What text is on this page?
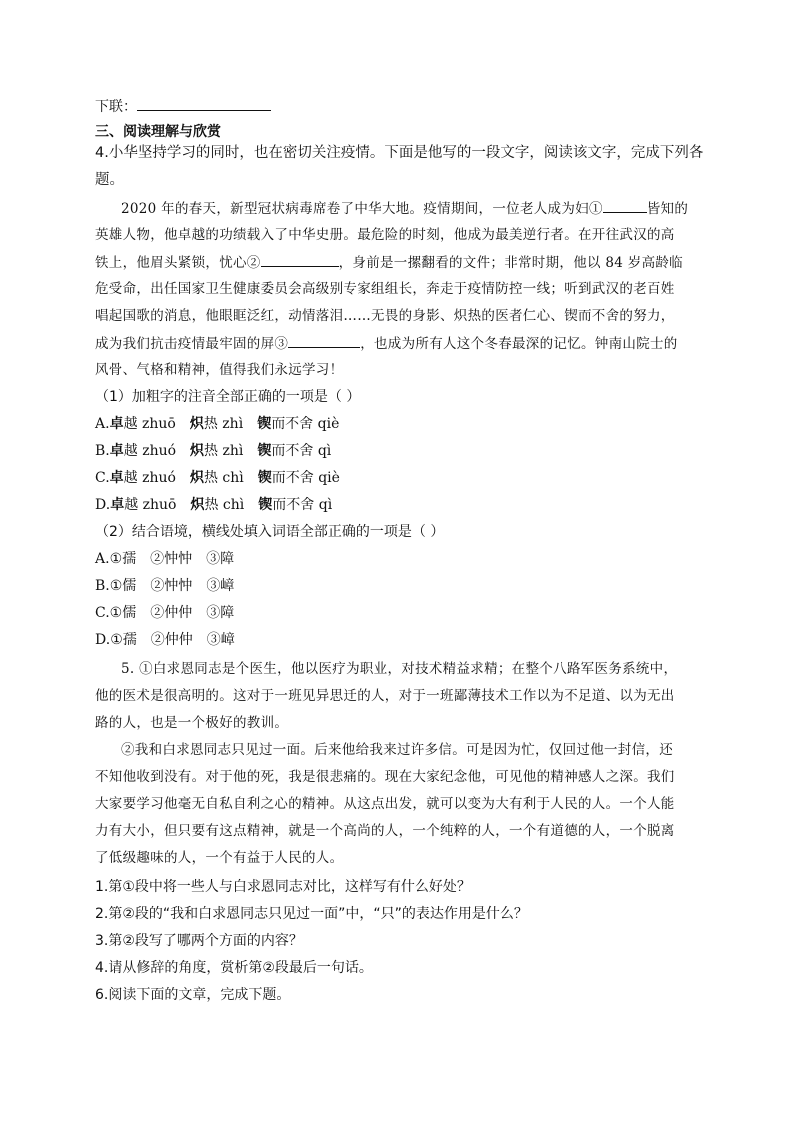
下联：
三、阅读理解与欣赏
4.小华坚持学习的同时，也在密切关注疫情。下面是他写的一段文字，阅读该文字，完成下列各
题。
2020 年的春天，新型冠状病毒席卷了中华大地。疫情期间，一位老人成为妇①	皆知的
英雄人物，他卓越的功绩载入了中华史册。最危险的时刻，他成为最美逆行者。在开往武汉的高
铁上，他眉头紧锁，忧心②	，身前是一摞翻看的文件；非常时期，他以 84 岁高龄临
危受命，出任国家卫生健康委员会高级别专家组组长，奔走于疫情防控一线；听到武汉的老百姓
唱起国歌的消息，他眼眶泛红，动情落泪……无畏的身影、炽热的医者仁心、锲而不舍的努力，
成为我们抗击疫情最牢固的屏③	，也成为所有人这个冬春最深的记忆。钟南山院士的
风骨、气格和精神，值得我们永远学习！
（1）加粗字的注音全部正确的一项是（ ）
A.卓越 zhuō 炽热 zhì 锲而不舍 qiè
B.卓越 zhuó 炽热 zhì 锲而不舍 qì
C.卓越 zhuó 炽热 chì 锲而不舍 qiè
D.卓越 zhuō 炽热 chì 锲而不舍 qì
（2）结合语境，横线处填入词语全部正确的一项是（ ）
A.①孺 ②忡忡 ③障
B.①儒 ②忡忡 ③嶂
C.①儒 ②仲仲 ③障
D.①孺 ②仲仲 ③嶂
5. ①白求恩同志是个医生，他以医疗为职业，对技术精益求精；在整个八路军医务系统中，
他的医术是很高明的。这对于一班见异思迁的人，对于一班鄙薄技术工作以为不足道、以为无出
路的人，也是一个极好的教训。
②我和白求恩同志只见过一面。后来他给我来过许多信。可是因为忙，仅回过他一封信，还
不知他收到没有。对于他的死，我是很悲痛的。现在大家纪念他，可见他的精神感人之深。我们
大家要学习他毫无自私自利之心的精神。从这点出发，就可以变为大有利于人民的人。一个人能
力有大小，但只要有这点精神，就是一个高尚的人，一个纯粹的人，一个有道德的人，一个脱离
了低级趣味的人，一个有益于人民的人。
1.第①段中将一些人与白求恩同志对比，这样写有什么好处？
2.第②段的“我和白求恩同志只见过一面”中，“只”的表达作用是什么？
3.第②段写了哪两个方面的内容？
4.请从修辞的角度，赏析第②段最后一句话。
6.阅读下面的文章，完成下题。
